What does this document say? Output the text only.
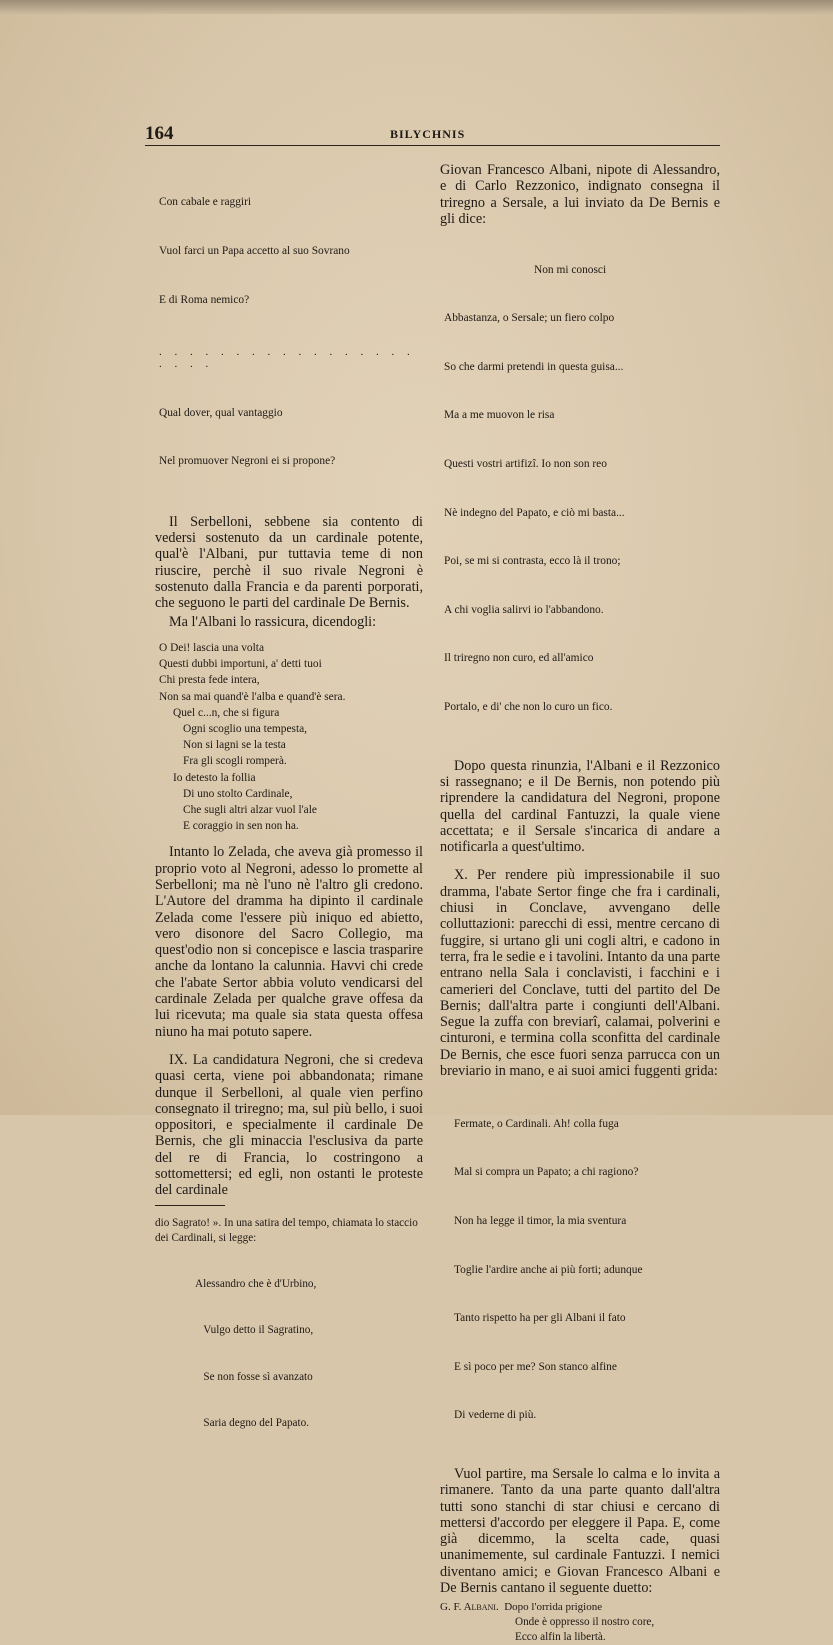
164	BILYCHNIS

Con cabale e raggiri

Vuol farci un Papa accetto al suo Sovrano

E di Roma nemico?

. . . . . . . . . . . . . . . . . . . . .

Qual dover, qual vantaggio

Nel promuover Negroni ei si propone?

Il Serbelloni, sebbene sia contento di vedersi sostenuto da un cardinale potente, qual'è l'Albani, pur tuttavia teme di non riuscire, perchè il suo rivale Negroni è sostenuto dalla Francia e da parenti porporati, che seguono le parti del cardinale De Bernis.

Ma l'Albani lo rassicura, dicendogli:

O Dei! lascia una volta
Questi dubbi importuni, a' detti tuoi
Chi presta fede intera,
Non sa mai quand'è l'alba e quand'è sera.
Quel c...n, che si figura
Ogni scoglio una tempesta,
Non si lagni se la testa
Fra gli scogli romperà.
Io detesto la follia
Di uno stolto Cardinale,
Che sugli altri alzar vuol l'ale
E coraggio in sen non ha.

Intanto lo Zelada, che aveva già promesso il proprio voto al Negroni, adesso lo promette al Serbelloni; ma nè l'uno nè l'altro gli credono. L'Autore del dramma ha dipinto il cardinale Zelada come l'essere più iniquo ed abietto, vero disonore del Sacro Collegio, ma quest'odio non si concepisce e lascia trasparire anche da lontano la calunnia. Havvi chi crede che l'abate Sertor abbia voluto vendicarsi del cardinale Zelada per qualche grave offesa da lui ricevuta; ma quale sia stata questa offesa niuno ha mai potuto sapere.

IX. La candidatura Negroni, che si credeva quasi certa, viene poi abbandonata; rimane dunque il Serbelloni, al quale vien perfino consegnato il triregno; ma, sul più bello, i suoi oppositori, e specialmente il cardinale De Bernis, che gli minaccia l'esclusiva da parte del re di Francia, lo costringono a sottomettersi; ed egli, non ostanti le proteste del cardinale

dio Sagrato! ». In una satira del tempo, chiamata lo staccio dei Cardinali, si legge:

Alessandro che è d'Urbino,

Vulgo detto il Sagratino,

Se non fosse sì avanzato

Saria degno del Papato.

Giovan Francesco Albani, nipote di Alessandro, e di Carlo Rezzonico, indignato consegna il triregno a Sersale, a lui inviato da De Bernis e gli dice:

Non mi conosci

Abbastanza, o Sersale; un fiero colpo

So che darmi pretendi in questa guisa...

Ma a me muovon le risa

Questi vostri artifizî. Io non son reo

Nè indegno del Papato, e ciò mi basta...

Poi, se mi si contrasta, ecco là il trono;

A chi voglia salirvi io l'abbandono.

Il triregno non curo, ed all'amico

Portalo, e di' che non lo curo un fico.

Dopo questa rinunzia, l'Albani e il Rezzonico si rassegnano; e il De Bernis, non potendo più riprendere la candidatura del Negroni, propone quella del cardinal Fantuzzi, la quale viene accettata; e il Sersale s'incarica di andare a notificarla a quest'ultimo.

X. Per rendere più impressionabile il suo dramma, l'abate Sertor finge che fra i cardinali, chiusi in Conclave, avvengano delle colluttazioni: parecchi di essi, mentre cercano di fuggire, si urtano gli uni cogli altri, e cadono in terra, fra le sedie e i tavolini. Intanto da una parte entrano nella Sala i conclavisti, i facchini e i camerieri del Conclave, tutti del partito del De Bernis; dall'altra parte i congiunti dell'Albani. Segue la zuffa con breviarî, calamai, polverini e cinturoni, e termina colla sconfitta del cardinale De Bernis, che esce fuori senza parrucca con un breviario in mano, e ai suoi amici fuggenti grida:

Fermate, o Cardinali. Ah! colla fuga

Mal si compra un Papato; a chi ragiono?

Non ha legge il timor, la mia sventura

Toglie l'ardire anche ai più forti; adunque

Tanto rispetto ha per gli Albani il fato

E sì poco per me? Son stanco alfine

Di vederne di più.

Vuol partire, ma Sersale lo calma e lo invita a rimanere. Tanto da una parte quanto dall'altra tutti sono stanchi di star chiusi e cercano di mettersi d'accordo per eleggere il Papa. E, come già dicemmo, la scelta cade, quasi unanimemente, sul cardinale Fantuzzi. I nemici diventano amici; e Giovan Francesco Albani e De Bernis cantano il seguente duetto:

G. F. Albani. Dopo l'orrida prigione
Onde è oppresso il nostro core,
Ecco alfin la libertà.
